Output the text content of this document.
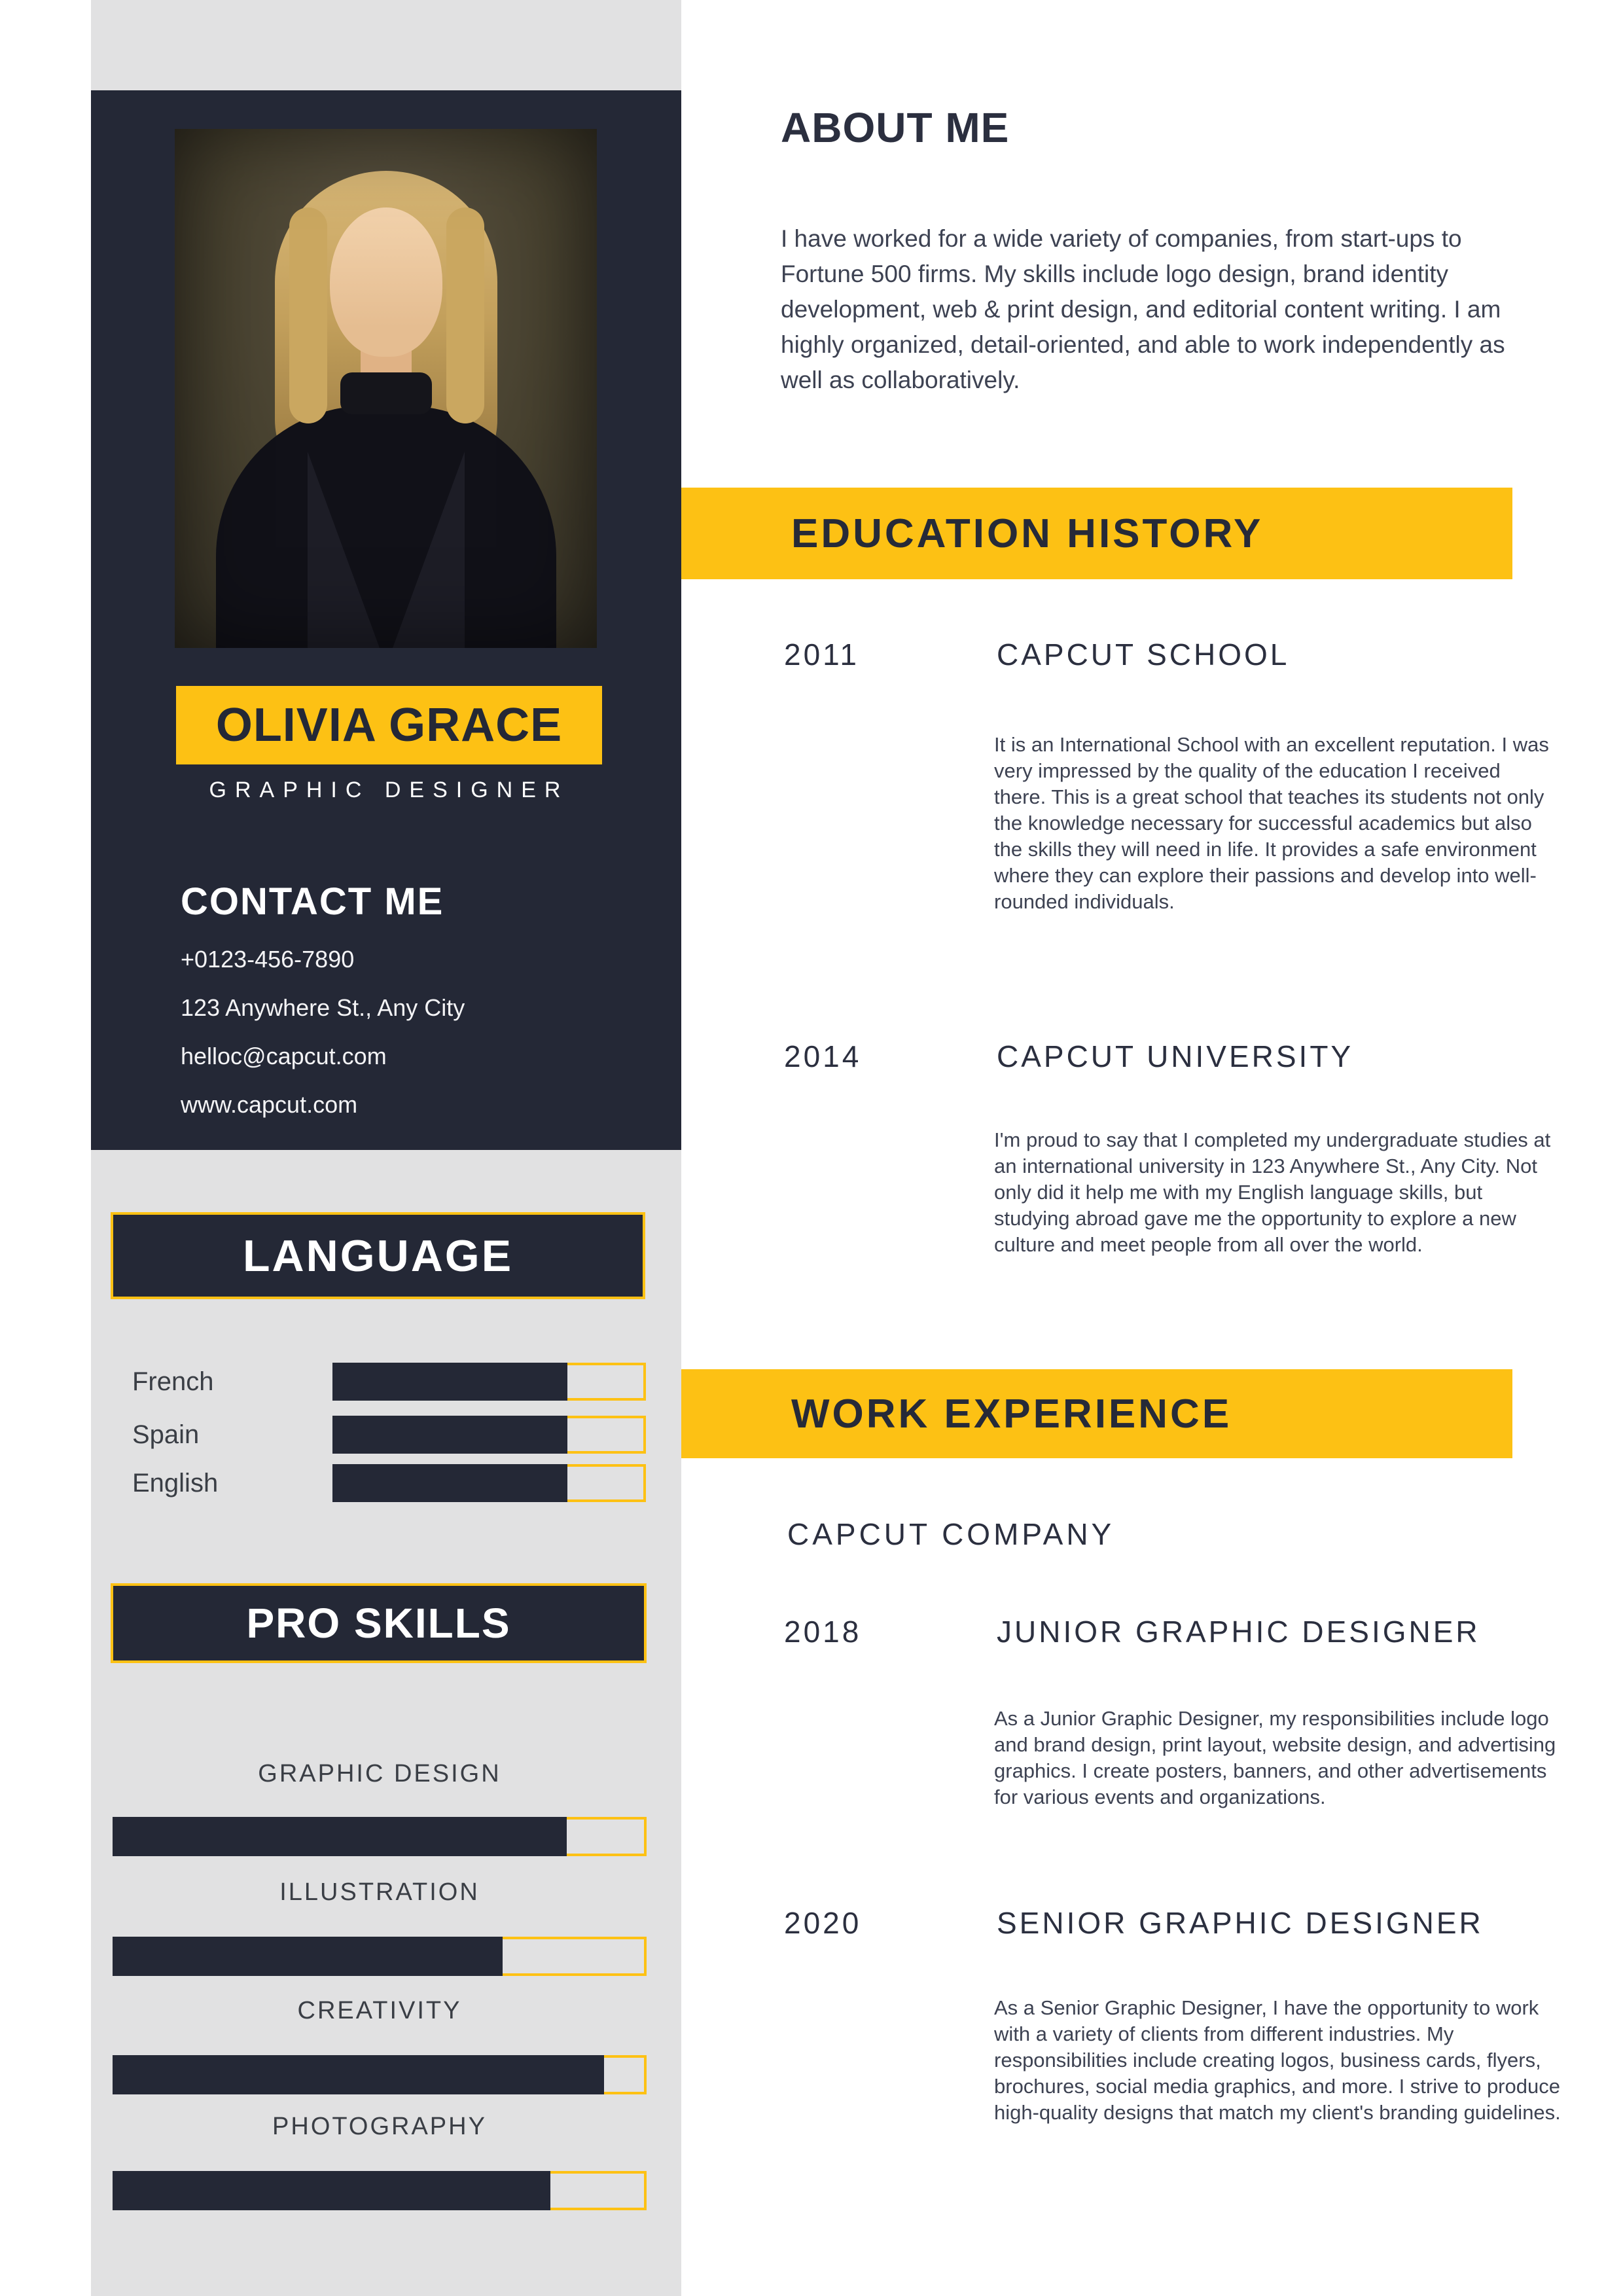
OLIVIA GRACE
GRAPHIC DESIGNER
CONTACT ME
+0123-456-7890
123 Anywhere St., Any City
helloc@capcut.com
www.capcut.com
LANGUAGE
French
Spain
English
PRO SKILLS
GRAPHIC DESIGN
ILLUSTRATION
CREATIVITY
PHOTOGRAPHY
ABOUT ME
I have worked for a wide variety of companies, from start-ups to Fortune 500 firms. My skills include logo design, brand identity development, web & print design, and editorial content writing. I am highly organized, detail-oriented, and able to work independently as well as collaboratively.
EDUCATION HISTORY
2011	CAPCUT SCHOOL
It is an International School with an excellent reputation. I was very impressed by the quality of the education I received there. This is a great school that teaches its students not only the knowledge necessary for successful academics but also the skills they will need in life. It provides a safe environment where they can explore their passions and develop into well-rounded individuals.
2014	CAPCUT UNIVERSITY
I'm proud to say that I completed my undergraduate studies at an international university in 123 Anywhere St., Any City. Not only did it help me with my English language skills, but studying abroad gave me the opportunity to explore a new culture and meet people from all over the world.
WORK EXPERIENCE
CAPCUT COMPANY
2018	JUNIOR GRAPHIC DESIGNER
As a Junior Graphic Designer, my responsibilities include logo and brand design, print layout, website design, and advertising graphics. I create posters, banners, and other advertisements for various events and organizations.
2020	SENIOR GRAPHIC DESIGNER
As a Senior Graphic Designer, I have the opportunity to work with a variety of clients from different industries. My responsibilities include creating logos, business cards, flyers, brochures, social media graphics, and more. I strive to produce high-quality designs that match my client's branding guidelines.
